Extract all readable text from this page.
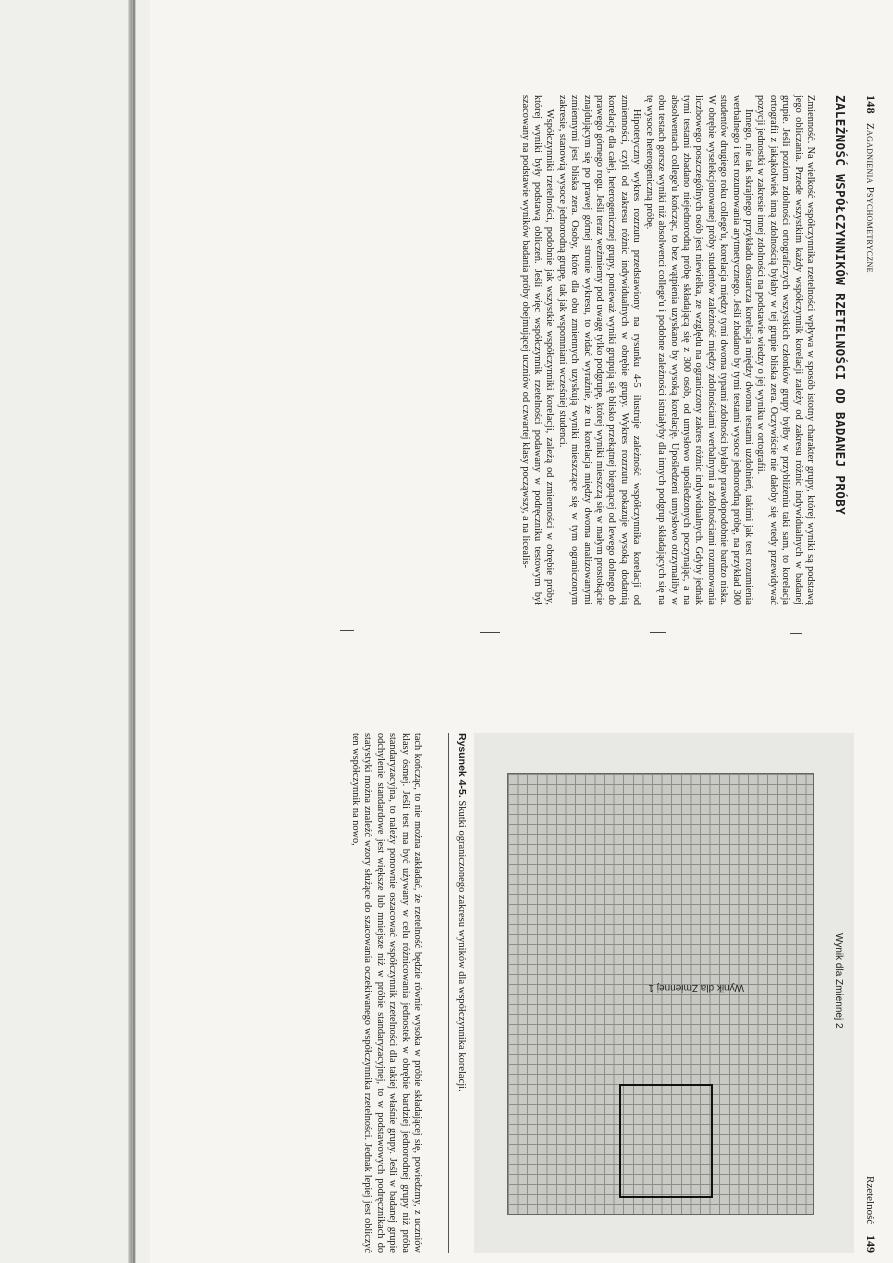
148 Zagadnienia Psychometryczne
ZALEŻNOŚĆ WSPÓŁCZYNNIKÓW RZETELNOŚCI OD BADANEJ PRÓBY

Zmienność. Na wielkość współczynnika rzetelności wpływa w sposób istotny charakter grupy, której wyniki są podstawą jego obliczania. Przede wszystkim każdy współczynnik korelacji zależy od zakresu różnic indywidualnych w badanej grupie. Jeśli poziom zdolności ortograficzych wszystkich członków grupy byłby w przybliżeniu taki sam, to korelacja ortografii z jakąkolwiek inną zdolnością byłaby w tej grupie bliska zera. Oczywiście nie dałoby się wtedy przewidywać pozycji jednostki w zakresie innej zdolności na podstawie wiedzy o jej wyniku w ortografii.

Innego, nie tak skrajnego przykładu dostarcza korelacja między dwoma testami uzdolnień, takimi jak test rozumienia werbalnego i test rozumowania arytmetycznego. Jeśli zbadano by tymi testami wysoce jednorodną próbę, na przykład 300 studentów drugiego roku college'u, korelacja między tymi dwoma typami zdolności byłaby prawdopodobnie bardzo niska. W obrębie wyselekcjonowanej próby studentów zależność między zdolnościami werbalnymi a zdolnościami rozumowania liczbowego poszczególnych osób jest niewielka, ze względu na ograniczony zakres różnic indywidualnych. Gdyby jednak tymi testami zbadano niejednorodną próbę składającą się z 300 osób, od umysłowo upośledzonych poczynając, a na absolwentach college'u kończąc, to bez wątpienia uzyskano by wysoką korelację. Upośledzeni umysłowo otrzymaliby w obu testach gorsze wyniki niż absolwenci college'u i podobne zależności istniałyby dla innych podgrup składających się na tę wysoce heterogeniczną próbę.

Hipotetyczny wykres rozrzutu przedstawiony na rysunku 4-5 ilustruje zależność współczynnika korelacji od zmienności, czyli od zakresu różnic indywidualnych w obrębie grupy. Wykres rozrzutu pokazuje wysoką dodatnią korelację dla całej, heterogenicznej grupy, ponieważ wyniki grupują się blisko przekątnej biegnącej od lewego dolnego do prawego górnego rogu. Jeśli teraz weźmiemy pod uwagę tylko podgrupę, której wyniki mieszczą się w małym prostokącie znajdującym się po prawej górnej stronie wykresu, to widać wyraźnie, że tu korelacja między dwoma analizowanymi zmiennymi jest bliska zera. Osoby, które dla obu zmiennych uzyskują wyniki mieszczące się w tym ograniczonym zakresie, stanowią wysoce jednorodną grupę, tak jak wspomniani wcześniej studenci.

Współczynniki rzetelności, podobnie jak wszystkie współczynniki korelacji, zależą od zmienności w obrębie próby, której wyniki były podstawą obliczeń. Jeśli więc współczynnik rzetelności podawany w podręczniku testowym był szacowany na podstawie wyników badania próby obejmującej uczniów od czwartej klasy począwszy, a na licealis-

Rzetelność 149
Wynik dla Zmiennej 2
Wynik dla Zmiennej 1
Rysunek 4-5. Skutki ograniczonego zakresu wyników dla współczynnika korelacji.

tach kończąc, to nie można zakładać, że rzetelność będzie równie wysoka w próbie składającej się, powiedzmy, z uczniów klasy ósmej. Jeśli test ma być używany w celu różnicowania jednostek w obrębie bardziej jednorodnej grupy niż próba standaryzacyjna, to należy ponownie oszacować współczynnik rzetelności dla takiej właśnie grupy. Jeśli w badanej grupie odchylenie standardowe jest większe lub mniejsze niż w próbie standaryzacyjnej, to w podstawowych podręcznikach do statystyki można znaleźć wzory służące do szacowania oczekiwanego współczynnika rzetelności. Jednak lepiej jest obliczyć ten współczynnik na nowo,
